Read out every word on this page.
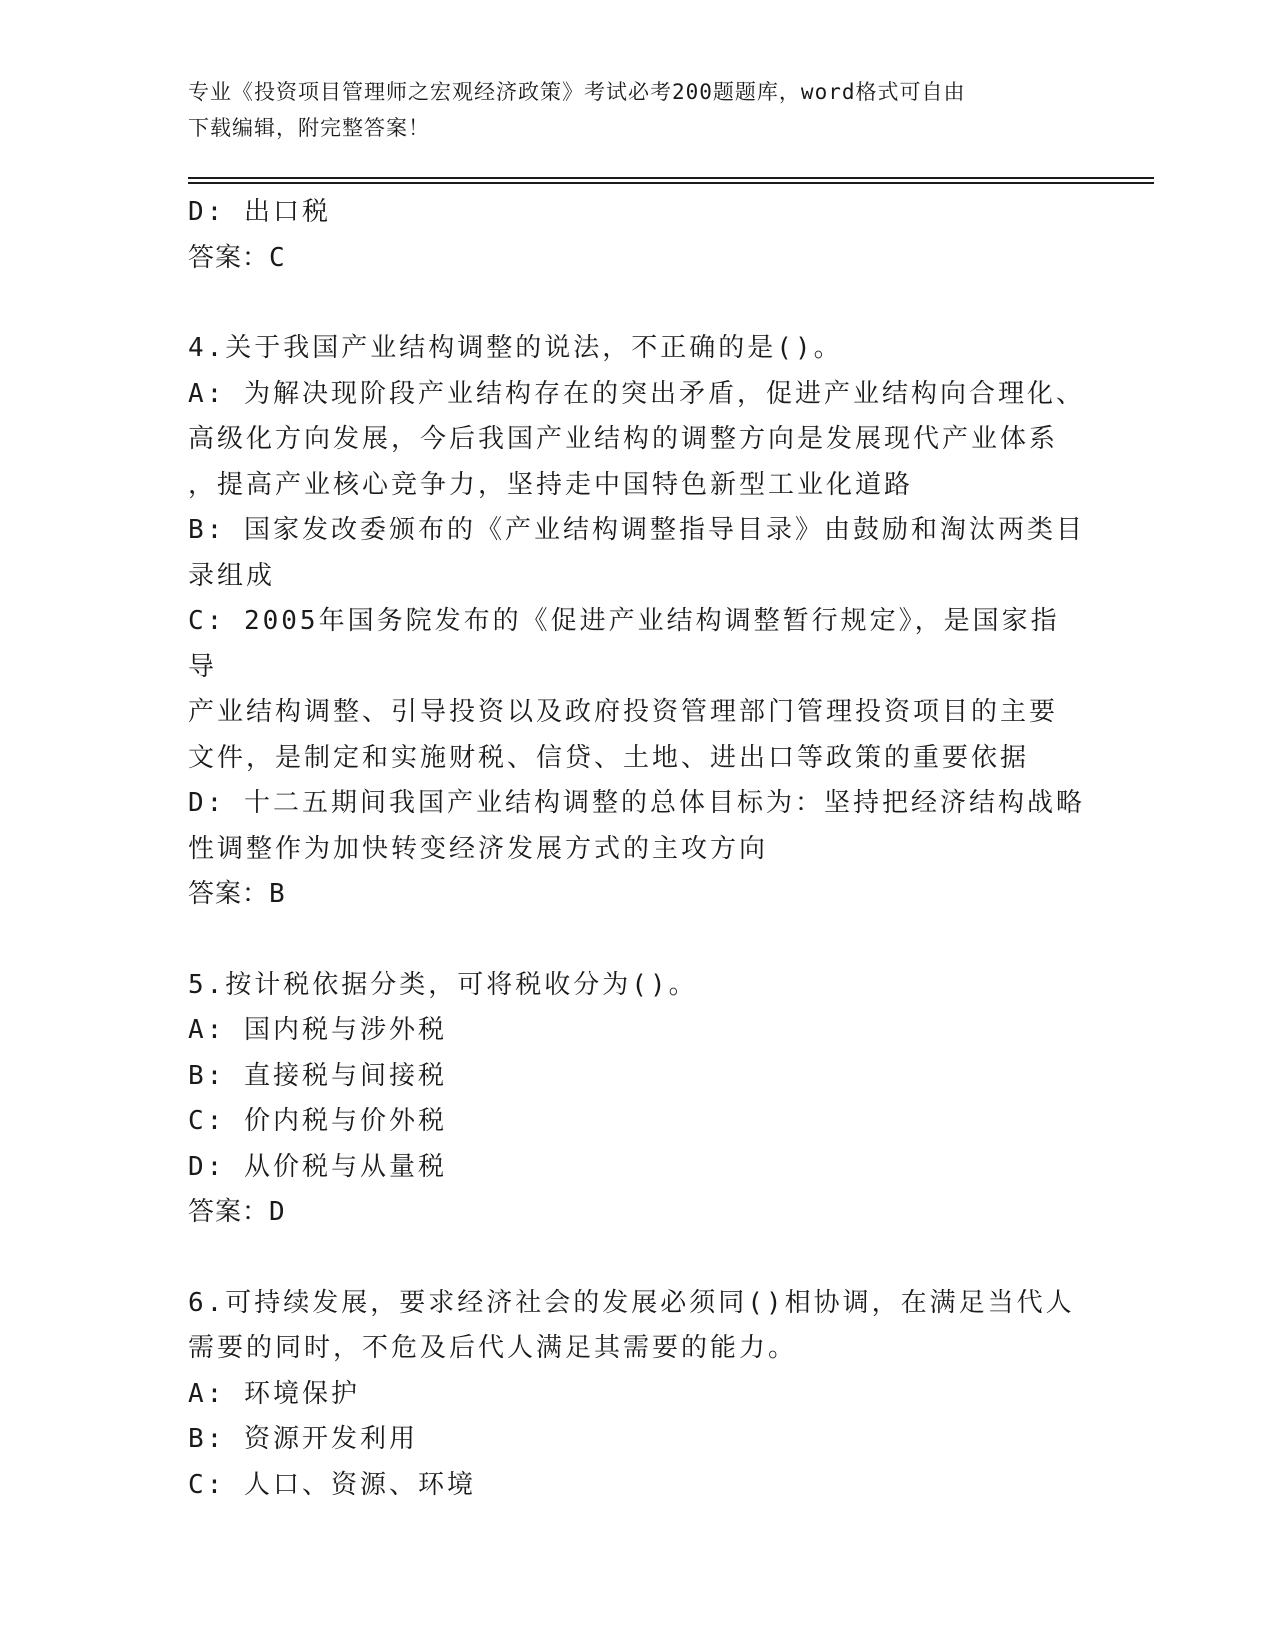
专业《投资项目管理师之宏观经济政策》考试必考200题题库，word格式可自由

下载编辑，附完整答案！

D: 出口税

答案：C

4.关于我国产业结构调整的说法，不正确的是()。

A: 为解决现阶段产业结构存在的突出矛盾，促进产业结构向合理化、

高级化方向发展，今后我国产业结构的调整方向是发展现代产业体系

，提高产业核心竞争力，坚持走中国特色新型工业化道路

B: 国家发改委颁布的《产业结构调整指导目录》由鼓励和淘汰两类目

录组成

C: 2005年国务院发布的《促进产业结构调整暂行规定》，是国家指导

产业结构调整、引导投资以及政府投资管理部门管理投资项目的主要

文件，是制定和实施财税、信贷、土地、进出口等政策的重要依据

D: 十二五期间我国产业结构调整的总体目标为：坚持把经济结构战略

性调整作为加快转变经济发展方式的主攻方向

答案：B

5.按计税依据分类，可将税收分为()。

A: 国内税与涉外税

B: 直接税与间接税

C: 价内税与价外税

D: 从价税与从量税

答案：D

6.可持续发展，要求经济社会的发展必须同()相协调，在满足当代人

需要的同时，不危及后代人满足其需要的能力。

A: 环境保护

B: 资源开发利用

C: 人口、资源、环境
